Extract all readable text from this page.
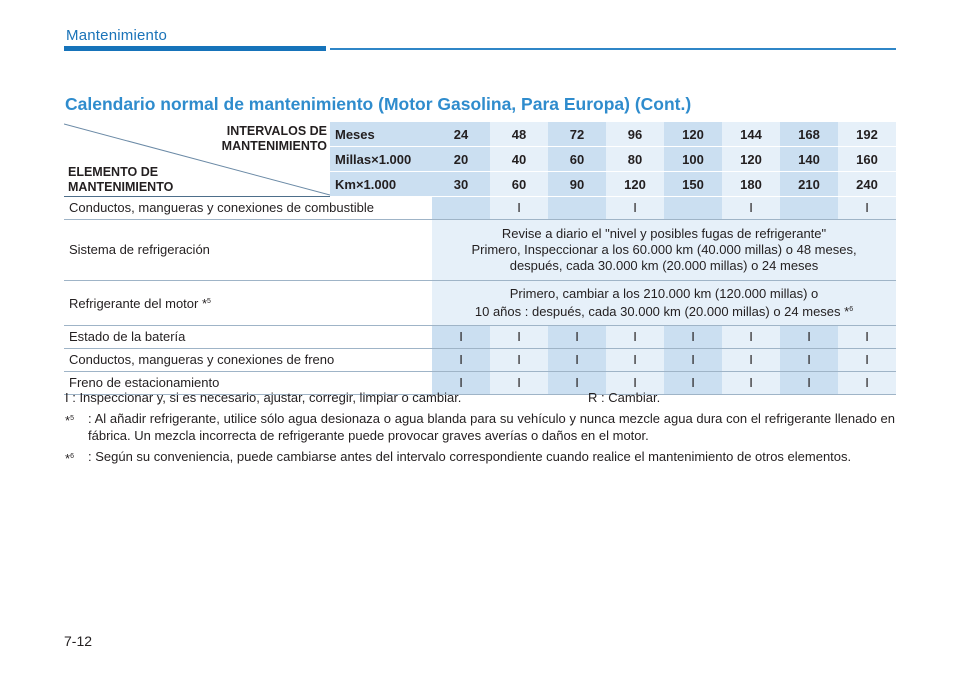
Mantenimiento
Calendario normal de mantenimiento (Motor Gasolina, Para Europa) (Cont.)
INTERVALOS DE
MANTENIMIENTO
ELEMENTO DE
MANTENIMIENTO	Meses	24	48	72	96	120	144	168	192
	Millas×1.000	20	40	60	80	100	120	140	160
	Km×1.000	30	60	90	120	150	180	210	240
Conductos, mangueras y conexiones de combustible			I		I		I		I
Sistema de refrigeración		Revise a diario el "nivel y posibles fugas de refrigerante"
Primero, Inspeccionar a los 60.000 km (40.000 millas) o 48 meses,
después, cada 30.000 km (20.000 millas) o 24 meses							

Refrigerante del motor *$^5$		Primero, cambiar a los 210.000 km (120.000 millas) o
10 años : después, cada 30.000 km (20.000 millas) o 24 meses *$^6$

Estado de la batería		I	I	I	I	I	I	I	I
Conductos, mangueras y conexiones de freno		I	I	I	I	I	I	I	I
Freno de estacionamiento		I	I	I	I	I	I	I	I
I : Inspeccionar y, si es necesario, ajustar, corregir, limpiar o cambiar.	R : Cambiar.
*$^5$ : Al añadir refrigerante, utilice sólo agua desionaza o agua blanda para su vehículo y nunca mezcle agua dura con el refrigerante llenado en fábrica. Un mezcla incorrecta de refrigerante puede provocar graves averías o daños en el motor.
*$^6$ : Según su conveniencia, puede cambiarse antes del intervalo correspondiente cuando realice el mantenimiento de otros elementos.
7-12
